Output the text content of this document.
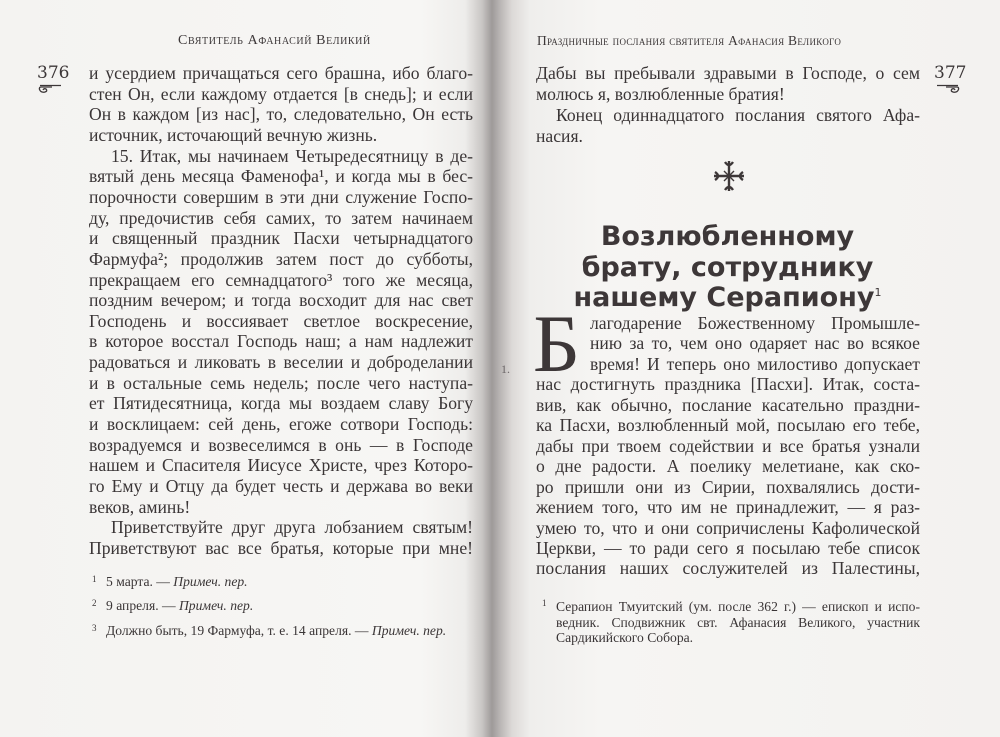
Святитель Афанасий Великий
376 и усердием причащаться сего брашна, ибо благо-
стен Он, если каждому отдается [в снедь]; и если
Он в каждом [из нас], то, следовательно, Он есть
источник, источающий вечную жизнь.
15. Итак, мы начинаем Четыредесятницу в де-
вятый день месяца Фаменофа¹, и когда мы в бес-
порочности совершим в эти дни служение Госпо-
ду, предочистив себя самих, то затем начинаем
и священный праздник Пасхи четырнадцатого
Фармуфа²; продолжив затем пост до субботы,
прекращаем его семнадцатого³ того же месяца,
поздним вечером; и тогда восходит для нас свет
Господень и воссиявает светлое воскресение,
в которое восстал Господь наш; а нам надлежит
радоваться и ликовать в веселии и доброделании
и в остальные семь недель; после чего наступа-
ет Пятидесятница, когда мы воздаем славу Богу
и восклицаем: сей день, егоже сотвори Господь:
возрадуемся и возвеселимся в онь — в Господе
нашем и Спасителя Иисусе Христе, чрез Которо-
го Ему и Отцу да будет честь и держава во веки
веков, аминь!
Приветствуйте друг друга лобзанием святым!
Приветствуют вас все братья, которые при мне!
1 5 марта. — Примеч. пер.
2 9 апреля. — Примеч. пер.
3 Должно быть, 19 Фармуфа, т. е. 14 апреля. — Примеч. пер.
Праздничные послания святителя Афанасия Великого
377
Дабы вы пребывали здравыми в Господе, о сем
молюсь я, возлюбленные братия!
Конец одиннадцатого послания святого Афа-
насия.
Возлюбленному
брату, сотруднику
нашему Серапиону$^1$
1. Б лагодарение Божественному Промышле-
нию за то, чем оно одаряет нас во всякое
время! И теперь оно милостиво допускает
нас достигнуть праздника [Пасхи]. Итак, соста-
вив, как обычно, послание касательно праздни-
ка Пасхи, возлюбленный мой, посылаю его тебе,
дабы при твоем содействии и все братья узнали
о дне радости. А поелику мелетиане, как ско-
ро пришли они из Сирии, похвалялись дости-
жением того, что им не принадлежит, — я раз-
умею то, что и они сопричислены Кафолической
Церкви, — то ради сего я посылаю тебе список
послания наших сослужителей из Палестины,
1 Серапион Тмуитский (ум. после 362 г.) — епископ и испо-
ведник. Сподвижник свт. Афанасия Великого, участник
Сардикийского Собора.
